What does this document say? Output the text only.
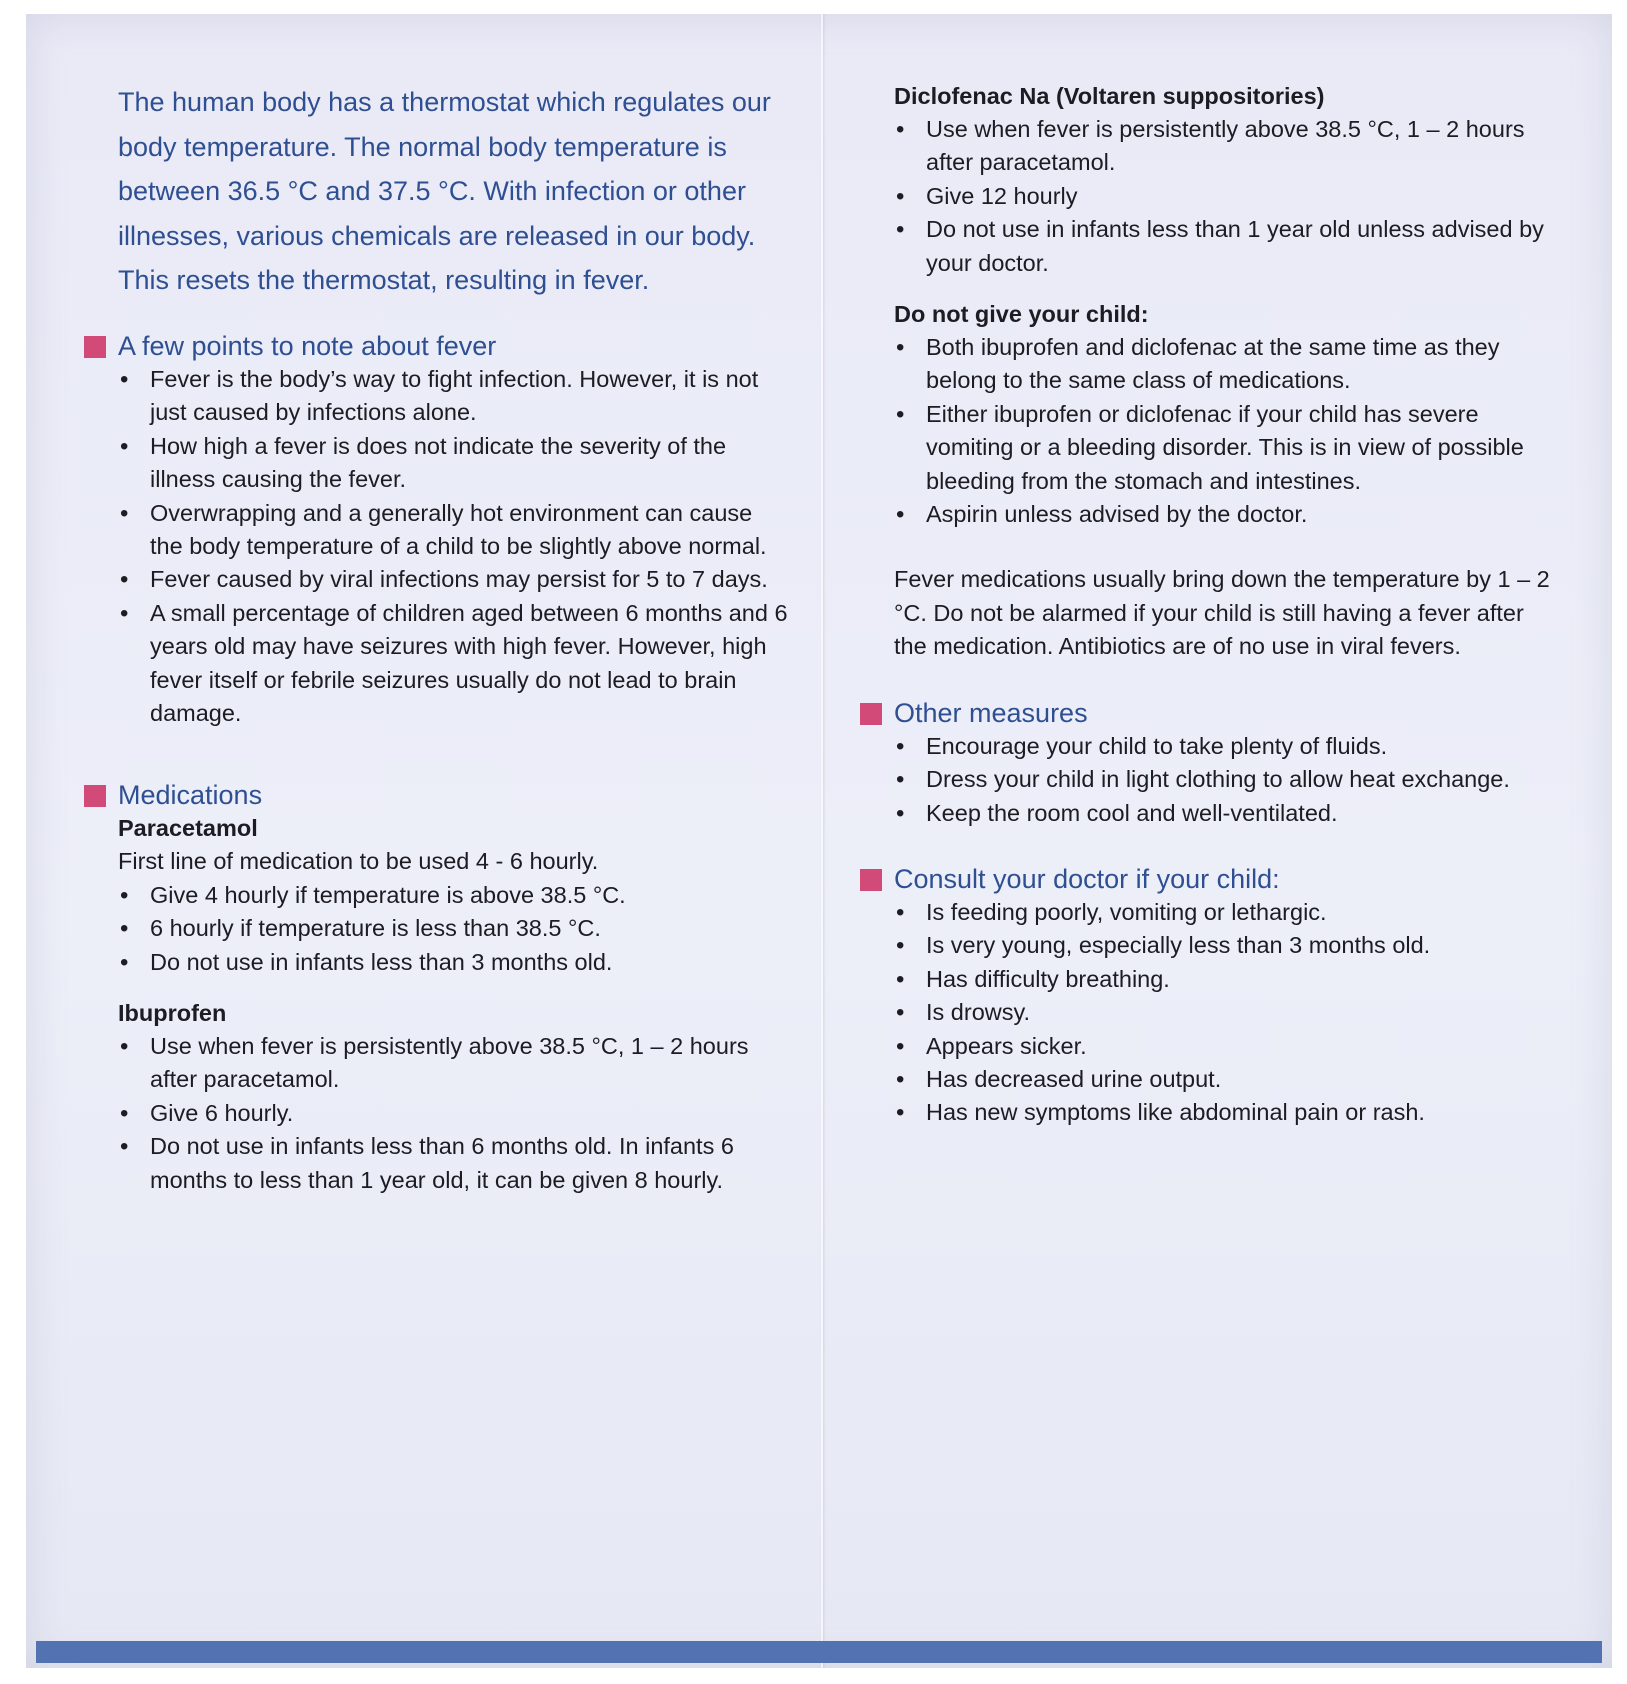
The human body has a thermostat which regulates our body temperature. The normal body temperature is between 36.5 °C and 37.5 °C. With infection or other illnesses, various chemicals are released in our body. This resets the thermostat, resulting in fever.

A few points to note about fever
• Fever is the body’s way to fight infection. However, it is not just caused by infections alone.
• How high a fever is does not indicate the severity of the illness causing the fever.
• Overwrapping and a generally hot environment can cause the body temperature of a child to be slightly above normal.
• Fever caused by viral infections may persist for 5 to 7 days.
• A small percentage of children aged between 6 months and 6 years old may have seizures with high fever. However, high fever itself or febrile seizures usually do not lead to brain damage.
Medications

Paracetamol

First line of medication to be used 4 - 6 hourly.

• Give 4 hourly if temperature is above 38.5 °C.
• 6 hourly if temperature is less than 38.5 °C.
• Do not use in infants less than 3 months old.

Ibuprofen

• Use when fever is persistently above 38.5 °C, 1 – 2 hours after paracetamol.
• Give 6 hourly.
• Do not use in infants less than 6 months old. In infants 6 months to less than 1 year old, it can be given 8 hourly.

Diclofenac Na (Voltaren suppositories)

• Use when fever is persistently above 38.5 °C, 1 – 2 hours after paracetamol.
• Give 12 hourly
• Do not use in infants less than 1 year old unless advised by your doctor.

Do not give your child:

• Both ibuprofen and diclofenac at the same time as they belong to the same class of medications.
• Either ibuprofen or diclofenac if your child has severe vomiting or a bleeding disorder. This is in view of possible bleeding from the stomach and intestines.
• Aspirin unless advised by the doctor.

Fever medications usually bring down the temperature by 1 – 2 °C. Do not be alarmed if your child is still having a fever after the medication. Antibiotics are of no use in viral fevers.

Other measures
• Encourage your child to take plenty of fluids.
• Dress your child in light clothing to allow heat exchange.
• Keep the room cool and well-ventilated.
Consult your doctor if your child:
• Is feeding poorly, vomiting or lethargic.
• Is very young, especially less than 3 months old.
• Has difficulty breathing.
• Is drowsy.
• Appears sicker.
• Has decreased urine output.
• Has new symptoms like abdominal pain or rash.
